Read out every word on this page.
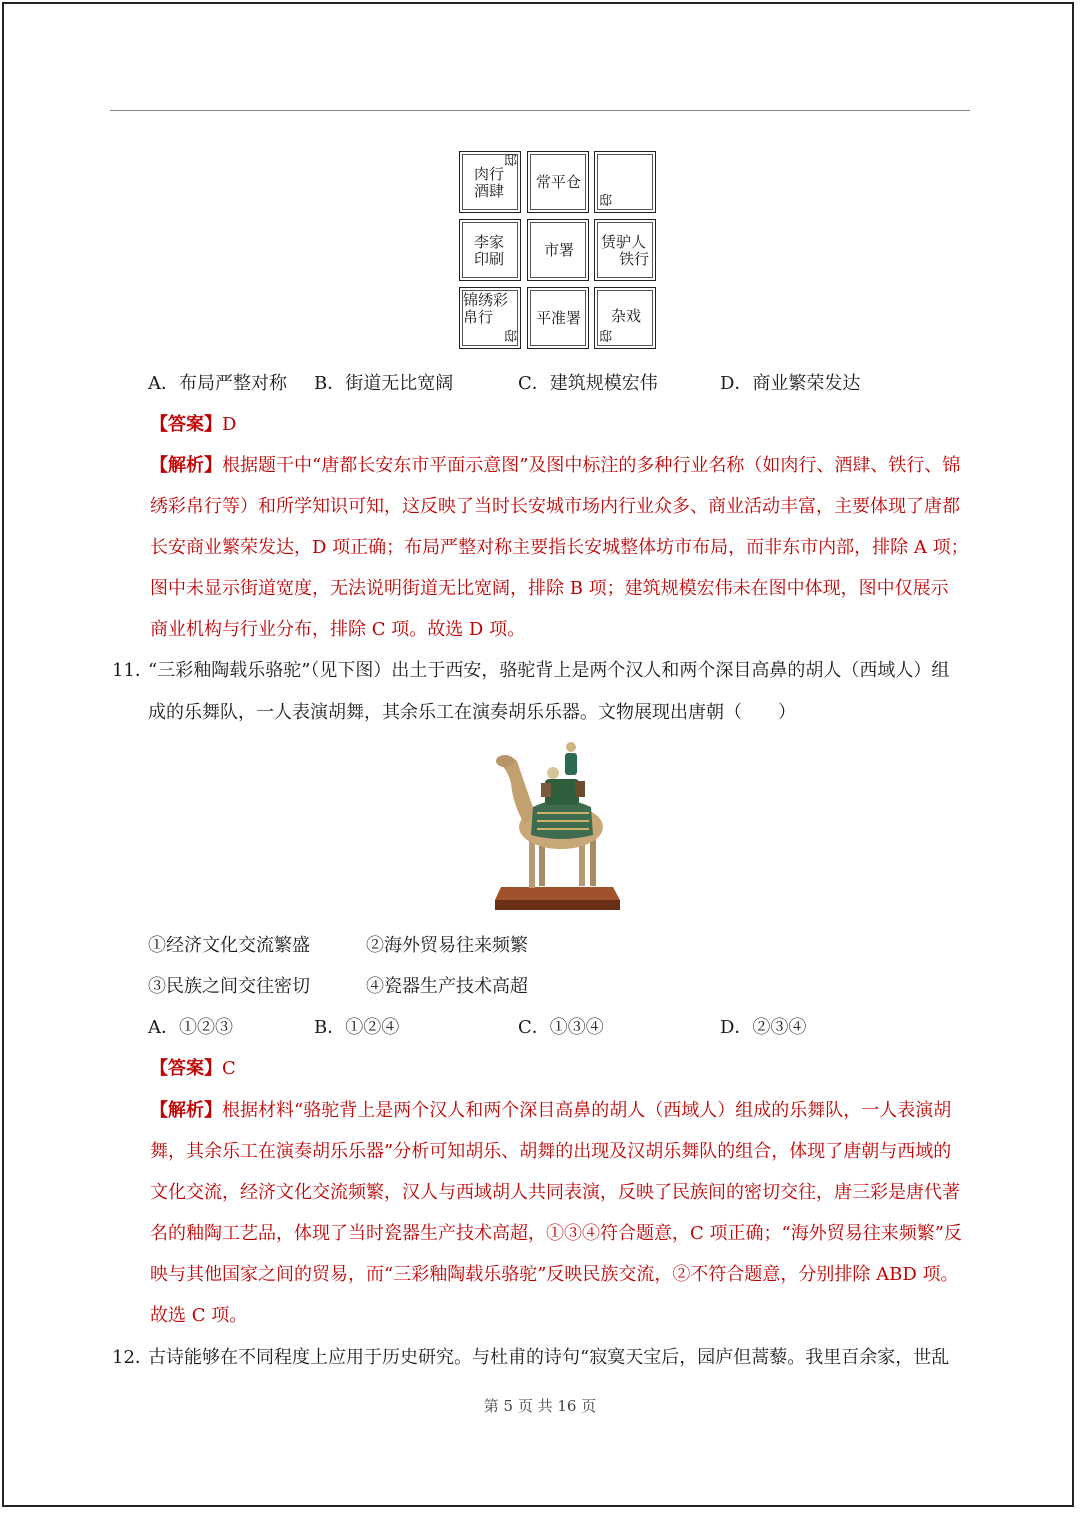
肉行
酒肆
邸
常平仓
邸
李家
印刷	市署 赁驴人
铁行
锦绣彩
帛行
邸
平准署 杂戏
邸
A．布局严整对称 B．街道无比宽阔	C．建筑规模宏伟	D．商业繁荣发达
【答案】D
【解析】根据题干中“唐都长安东市平面示意图”及图中标注的多种行业名称（如肉行、酒肆、铁行、锦
绣彩帛行等）和所学知识可知，这反映了当时长安城市场内行业众多、商业活动丰富，主要体现了唐都
长安商业繁荣发达，D 项正确；布局严整对称主要指长安城整体坊市布局，而非东市内部，排除 A 项；
图中未显示街道宽度，无法说明街道无比宽阔，排除 B 项；建筑规模宏伟未在图中体现，图中仅展示
商业机构与行业分布，排除 C 项。故选 D 项。
11．
“三彩釉陶载乐骆驼”（见下图）出土于西安，骆驼背上是两个汉人和两个深目高鼻的胡人（西域人）组
成的乐舞队，一人表演胡舞，其余乐工在演奏胡乐乐器。文物展现出唐朝（　　）
①经济文化交流繁盛	②海外贸易往来频繁
③民族之间交往密切	④瓷器生产技术高超
A．①②③	B．①②④	C．①③④	D．②③④
【答案】C
【解析】根据材料“骆驼背上是两个汉人和两个深目高鼻的胡人（西域人）组成的乐舞队，一人表演胡
舞，其余乐工在演奏胡乐乐器”分析可知胡乐、胡舞的出现及汉胡乐舞队的组合，体现了唐朝与西域的
文化交流，经济文化交流频繁，汉人与西域胡人共同表演，反映了民族间的密切交往，唐三彩是唐代著
名的釉陶工艺品，体现了当时瓷器生产技术高超，①③④符合题意，C 项正确；“海外贸易往来频繁”反
映与其他国家之间的贸易，而“三彩釉陶载乐骆驼”反映民族交流，②不符合题意，分别排除 ABD 项。
故选 C 项。
12．
古诗能够在不同程度上应用于历史研究。与杜甫的诗句“寂寞天宝后，园庐但蒿藜。我里百余家，世乱
第 5 页 共 16 页
